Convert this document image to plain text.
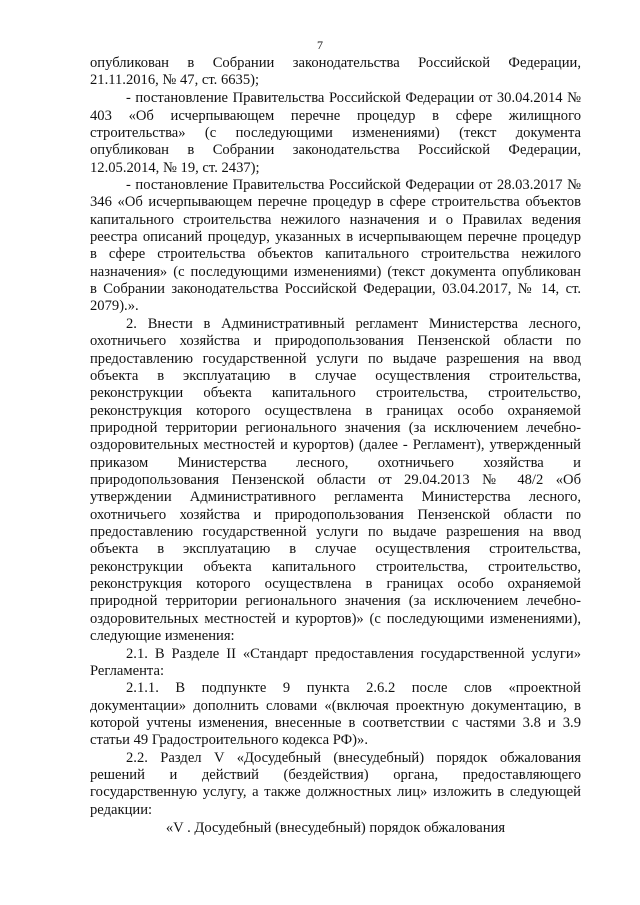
7
опубликован в Собрании законодательства Российской Федерации,
21.11.2016, № 47, ст. 6635);
- постановление Правительства Российской Федерации от 30.04.2014 №
403 «Об исчерпывающем перечне процедур в сфере жилищного
строительства» (с последующими изменениями) (текст документа
опубликован в Собрании законодательства Российской Федерации,
12.05.2014, № 19, ст. 2437);
- постановление Правительства Российской Федерации от 28.03.2017 №
346 «Об исчерпывающем перечне процедур в сфере строительства объектов
капитального строительства нежилого назначения и о Правилах ведения
реестра описаний процедур, указанных в исчерпывающем перечне процедур
в сфере строительства объектов капитального строительства нежилого
назначения» (с последующими изменениями) (текст документа опубликован
в Собрании законодательства Российской Федерации, 03.04.2017, № 14, ст.
2079).».
2. Внести в Административный регламент Министерства лесного,
охотничьего хозяйства и природопользования Пензенской области по
предоставлению государственной услуги по выдаче разрешения на ввод
объекта в эксплуатацию в случае осуществления строительства,
реконструкции объекта капитального строительства, строительство,
реконструкция которого осуществлена в границах особо охраняемой
природной территории регионального значения (за исключением лечебно-
оздоровительных местностей и курортов) (далее - Регламент), утвержденный
приказом Министерства лесного, охотничьего хозяйства и
природопользования Пензенской области от 29.04.2013 № 48/2 «Об
утверждении Административного регламента Министерства лесного,
охотничьего хозяйства и природопользования Пензенской области по
предоставлению государственной услуги по выдаче разрешения на ввод
объекта в эксплуатацию в случае осуществления строительства,
реконструкции объекта капитального строительства, строительство,
реконструкция которого осуществлена в границах особо охраняемой
природной территории регионального значения (за исключением лечебно-
оздоровительных местностей и курортов)» (с последующими изменениями),
следующие изменения:
2.1. В Разделе II «Стандарт предоставления государственной услуги»
Регламента:
2.1.1. В подпункте 9 пункта 2.6.2 после слов «проектной
документации» дополнить словами «(включая проектную документацию, в
которой учтены изменения, внесенные в соответствии с частями 3.8 и 3.9
статьи 49 Градостроительного кодекса РФ)».
2.2. Раздел V «Досудебный (внесудебный) порядок обжалования
решений и действий (бездействия) органа, предоставляющего
государственную услугу, а также должностных лиц» изложить в следующей
редакции:
«V . Досудебный (внесудебный) порядок обжалования
